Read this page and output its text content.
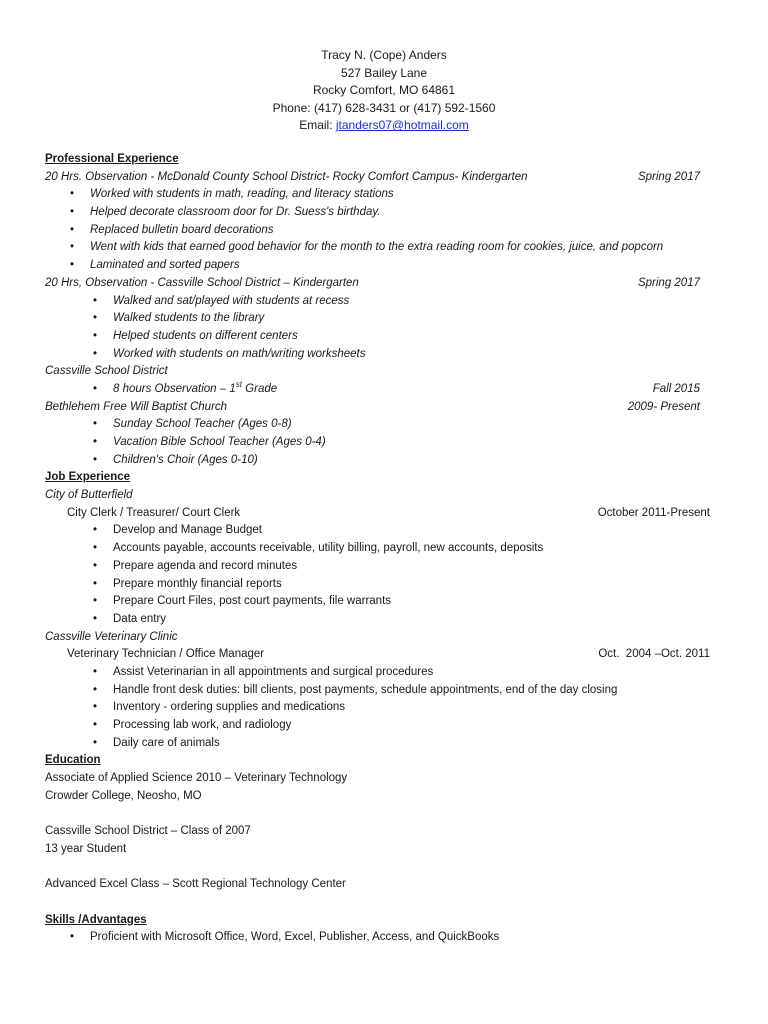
Tracy N. (Cope) Anders
527 Bailey Lane
Rocky Comfort, MO 64861
Phone: (417) 628-3431 or (417) 592-1560
Email: jtanders07@hotmail.com
Professional Experience
20 Hrs. Observation - McDonald County School District- Rocky Comfort Campus- Kindergarten	Spring 2017
• Worked with students in math, reading, and literacy stations
• Helped decorate classroom door for Dr. Suess's birthday.
• Replaced bulletin board decorations
• Went with kids that earned good behavior for the month to the extra reading room for cookies, juice, and popcorn
• Laminated and sorted papers
20 Hrs, Observation - Cassville School District – Kindergarten	Spring 2017
• Walked and sat/played with students at recess
• Walked students to the library
• Helped students on different centers
• Worked with students on math/writing worksheets
Cassville School District
• 8 hours Observation – 1st Grade	Fall 2015
Bethlehem Free Will Baptist Church	2009- Present
• Sunday School Teacher (Ages 0-8)
• Vacation Bible School Teacher (Ages 0-4)
• Children's Choir (Ages 0-10)
Job Experience
City of Butterfield
City Clerk / Treasurer/ Court Clerk	October 2011-Present
• Develop and Manage Budget
• Accounts payable, accounts receivable, utility billing, payroll, new accounts, deposits
• Prepare agenda and record minutes
• Prepare monthly financial reports
• Prepare Court Files, post court payments, file warrants
• Data entry
Cassville Veterinary Clinic
Veterinary Technician / Office Manager	Oct.  2004 –Oct. 2011
• Assist Veterinarian in all appointments and surgical procedures
• Handle front desk duties: bill clients, post payments, schedule appointments, end of the day closing
• Inventory - ordering supplies and medications
• Processing lab work, and radiology
• Daily care of animals
Education
Associate of Applied Science 2010 – Veterinary Technology
Crowder College, Neosho, MO
Cassville School District – Class of 2007
13 year Student
Advanced Excel Class – Scott Regional Technology Center
Skills /Advantages
• Proficient with Microsoft Office, Word, Excel, Publisher, Access, and QuickBooks
